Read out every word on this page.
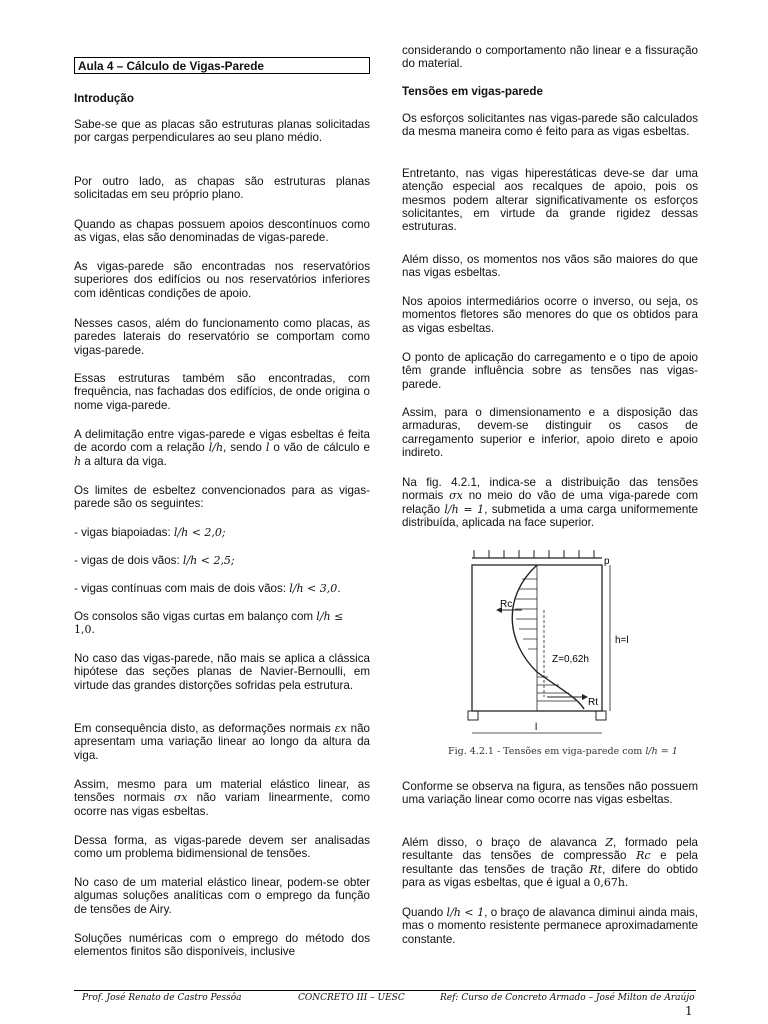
Aula 4 – Cálculo de Vigas-Parede
Introdução

Sabe-se que as placas são estruturas planas solicitadas por cargas perpendiculares ao seu plano médio.

Por outro lado, as chapas são estruturas planas solicitadas em seu próprio plano.

Quando as chapas possuem apoios descontínuos como as vigas, elas são denominadas de vigas-parede.

As vigas-parede são encontradas nos reservatórios superiores dos edifícios ou nos reservatórios inferiores com idênticas condições de apoio.

Nesses casos, além do funcionamento como placas, as paredes laterais do reservatório se comportam como vigas-parede.

Essas estruturas também são encontradas, com frequência, nas fachadas dos edifícios, de onde origina o nome viga-parede.

A delimitação entre vigas-parede e vigas esbeltas é feita de acordo com a relação l/h, sendo l o vão de cálculo e h a altura da viga.

Os limites de esbeltez convencionados para as vigas-parede são os seguintes:

- vigas biapoiadas: l/h < 2,0;

- vigas de dois vãos: l/h < 2,5;

- vigas contínuas com mais de dois vãos: l/h < 3,0.

Os consolos são vigas curtas em balanço com l/h ≤
1,0.

No caso das vigas-parede, não mais se aplica a clássica hipótese das seções planas de Navier-Bernoulli, em virtude das grandes distorções sofridas pela estrutura.

Em consequência disto, as deformações normais εx não apresentam uma variação linear ao longo da altura da viga.

Assim, mesmo para um material elástico linear, as tensões normais σx não variam linearmente, como ocorre nas vigas esbeltas.

Dessa forma, as vigas-parede devem ser analisadas como um problema bidimensional de tensões.

No caso de um material elástico linear, podem-se obter algumas soluções analíticas com o emprego da função de tensões de Airy.

Soluções numéricas com o emprego do método dos elementos finitos são disponíveis, inclusive

considerando o comportamento não linear e a fissuração do material.

Tensões em vigas-parede

Os esforços solicitantes nas vigas-parede são calculados da mesma maneira como é feito para as vigas esbeltas.

Entretanto, nas vigas hiperestáticas deve-se dar uma atenção especial aos recalques de apoio, pois os mesmos podem alterar significativamente os esforços solicitantes, em virtude da grande rigidez dessas estruturas.

Além disso, os momentos nos vãos são maiores do que nas vigas esbeltas.

Nos apoios intermediários ocorre o inverso, ou seja, os momentos fletores são menores do que os obtidos para as vigas esbeltas.

O ponto de aplicação do carregamento e o tipo de apoio têm grande influência sobre as tensões nas vigas-parede.

Assim, para o dimensionamento e a disposição das armaduras, devem-se distinguir os casos de carregamento superior e inferior, apoio direto e apoio indireto.

Na fig. 4.2.1, indica-se a distribuição das tensões normais σx no meio do vão de uma viga-parede com relação l/h = 1, submetida a uma carga uniformemente distribuída, aplicada na face superior.

Conforme se observa na figura, as tensões não possuem uma variação linear como ocorre nas vigas esbeltas.

Além disso, o braço de alavanca Z, formado pela resultante das tensões de compressão Rc e pela resultante das tensões de tração Rt, difere do obtido para as vigas esbeltas, que é igual a 0,67h.

Quando l/h < 1, o braço de alavanca diminui ainda mais, mas o momento resistente permanece aproximadamente constante.

p
Rc
Z=0,62h
Rt
h=l
l
Fig. 4.2.1 - Tensões em viga-parede com l/h = 1
Prof. José Renato de Castro Pessôa	CONCRETO III – UESC	Ref: Curso de Concreto Armado – José Milton de Araújo
1
